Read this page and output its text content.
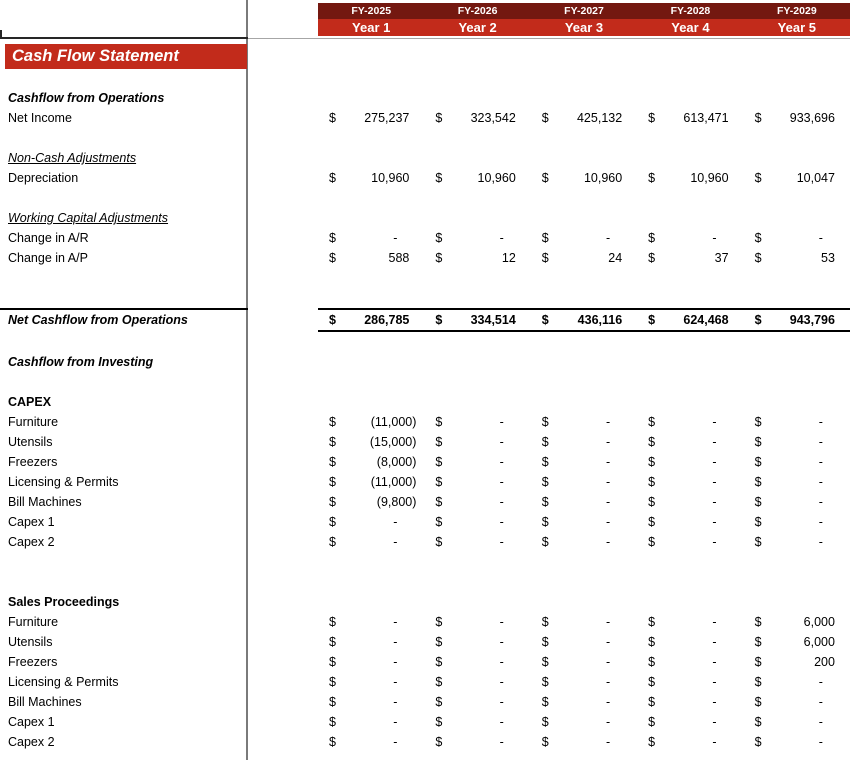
FY-2025	FY-2026	FY-2027	FY-2028	FY-2029
Year 1	Year 2	Year 3	Year 4	Year 5
Cash Flow Statement
Cashflow from Operations
Net Income	$ 275,237 $ 323,542 $ 425,132 $ 613,471 $ 933,696
Non-Cash Adjustments
Depreciation	$	10,960 $	10,960 $	10,960 $	10,960 $	10,047
Working Capital Adjustments
Change in A/R	$	-	$	-	$	-	$	-	$	-
Change in A/P	$	588 $	12 $	24 $	37 $	53
Net Cashflow from Operations	$ 286,785 $ 334,514 $ 436,116 $ 624,468 $ 943,796
Cashflow from Investing
CAPEX
Furniture	$	(11,000) $	-	$	-	$	-	$	-
Utensils	$	(15,000) $	-	$	-	$	-	$	-
Freezers	$	(8,000) $	-	$	-	$	-	$	-
Licensing & Permits	$	(11,000) $	-	$	-	$	-	$	-
Bill Machines	$	(9,800) $	-	$	-	$	-	$	-
Capex 1	$	-	$	-	$	-	$	-	$	-
Capex 2	$	-	$	-	$	-	$	-	$	-
Sales Proceedings
Furniture	$	-	$	-	$	-	$	-	$	6,000
Utensils	$	-	$	-	$	-	$	-	$	6,000
Freezers	$	-	$	-	$	-	$	-	$	200
Licensing & Permits	$	-	$	-	$	-	$	-	$	-
Bill Machines	$	-	$	-	$	-	$	-	$	-
Capex 1	$	-	$	-	$	-	$	-	$	-
Capex 2	$	-	$	-	$	-	$	-	$	-
